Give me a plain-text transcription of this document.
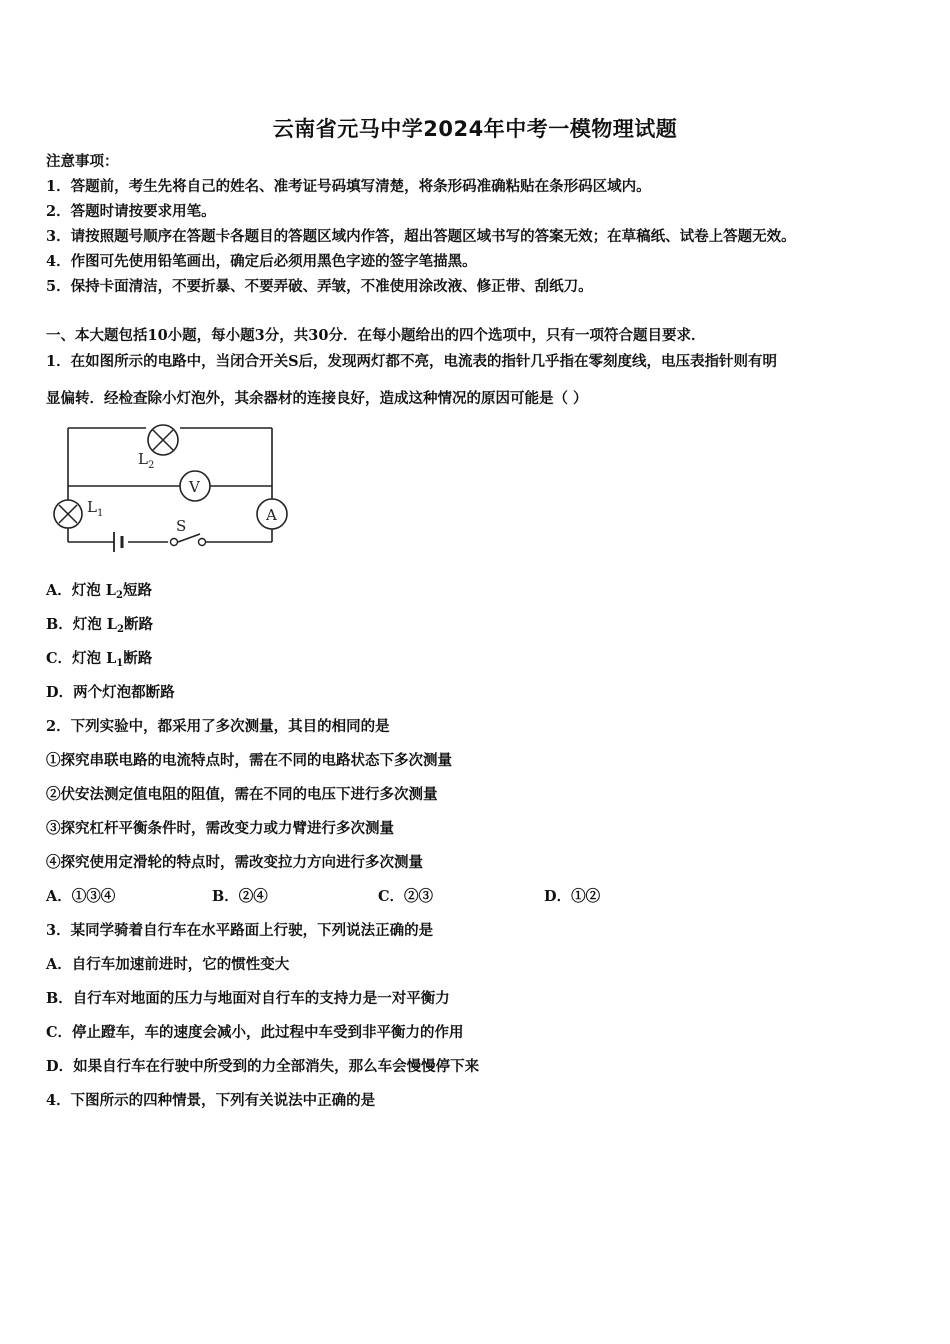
云南省元马中学2024年中考一模物理试题
注意事项：
1．答题前，考生先将自己的姓名、准考证号码填写清楚，将条形码准确粘贴在条形码区域内。
2．答题时请按要求用笔。
3．请按照题号顺序在答题卡各题目的答题区域内作答，超出答题区域书写的答案无效；在草稿纸、试卷上答题无效。
4．作图可先使用铅笔画出，确定后必须用黑色字迹的签字笔描黑。
5．保持卡面清洁，不要折暴、不要弄破、弄皱，不准使用涂改液、修正带、刮纸刀。
一、本大题包括10小题，每小题3分，共30分．在每小题给出的四个选项中，只有一项符合题目要求．
1．在如图所示的电路中，当闭合开关S后，发现两灯都不亮，电流表的指针几乎指在零刻度线，电压表指针则有明
显偏转．经检查除小灯泡外，其余器材的连接良好，造成这种情况的原因可能是（ ）
L 2
L 1
V
A
S
A．灯泡 $L_2$短路
B．灯泡 $L_2$断路
C．灯泡 $L_1$断路
D．两个灯泡都断路
2．下列实验中，都采用了多次测量，其目的相同的是
①探究串联电路的电流特点时，需在不同的电路状态下多次测量
②伏安法测定值电阻的阻值，需在不同的电压下进行多次测量
③探究杠杆平衡条件时，需改变力或力臂进行多次测量
④探究使用定滑轮的特点时，需改变拉力方向进行多次测量
A．①③④	B．②④	C．②③	D．①②
3．某同学骑着自行车在水平路面上行驶，下列说法正确的是
A．自行车加速前进时，它的惯性变大
B．自行车对地面的压力与地面对自行车的支持力是一对平衡力
C．停止蹬车，车的速度会减小，此过程中车受到非平衡力的作用
D．如果自行车在行驶中所受到的力全部消失，那么车会慢慢停下来
4．下图所示的四种情景，下列有关说法中正确的是
